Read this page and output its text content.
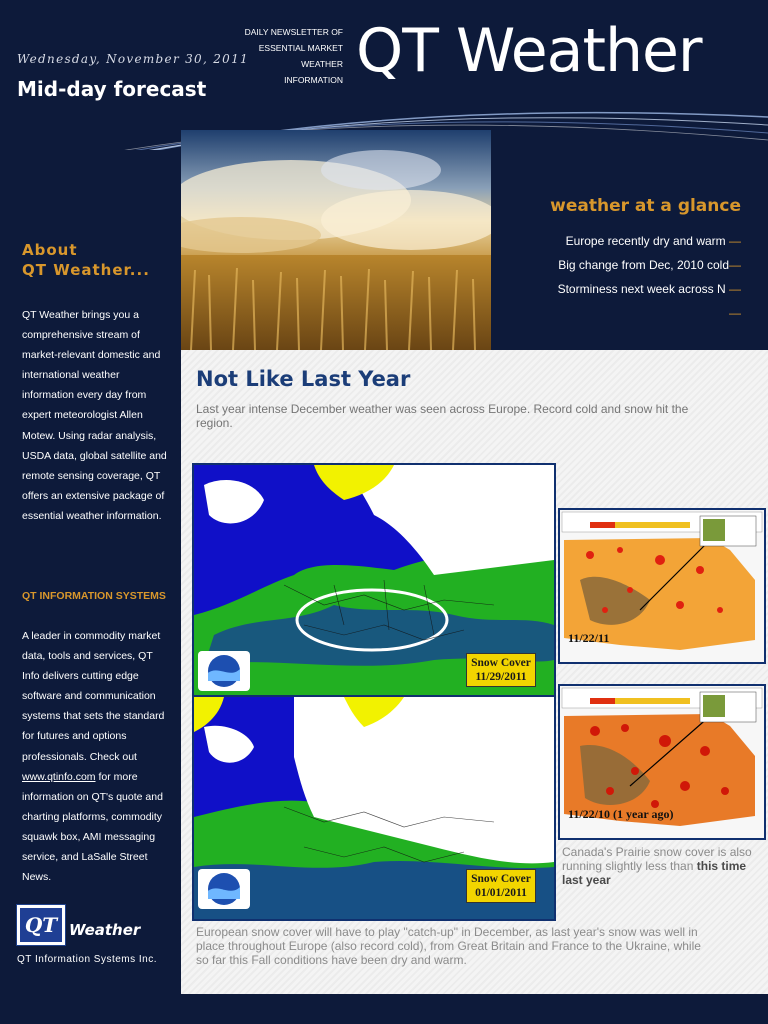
Wednesday, November 30, 2011
Mid-day forecast
DAILY NEWSLETTER OF ESSENTIAL MARKET WEATHER INFORMATION QT Weather
About
QT Weather...
QT Weather brings you a comprehensive stream of market-relevant domestic and international weather information every day from expert meteorologist Allen Motew. Using radar analysis, USDA data, global satellite and remote sensing coverage, QT offers an extensive package of essential weather information.
QT INFORMATION SYSTEMS
A leader in commodity market data, tools and services, QT Info delivers cutting edge software and communication systems that sets the standard for futures and options professionals. Check out www.qtinfo.com for more information on QT's quote and charting platforms, commodity squawk box, AMI messaging service, and LaSalle Street News.
QT Weather
QT Information Systems Inc.
weather at a glance
Europe recently dry and warm —
Big change from Dec, 2010 cold—
Storminess next week across N —
—
Not Like Last Year
Last year intense December weather was seen across Europe. Record cold and snow hit the region.
Snow Cover
11/29/2011
Snow Cover
01/01/2011
11/22/11
11/22/10 (1 year ago)
Canada's Prairie snow cover is also running slightly less than this time last year
European snow cover will have to play "catch-up" in December, as last year's snow was well in place throughout Europe (also record cold), from Great Britain and France to the Ukraine, while so far this Fall conditions have been dry and warm.
